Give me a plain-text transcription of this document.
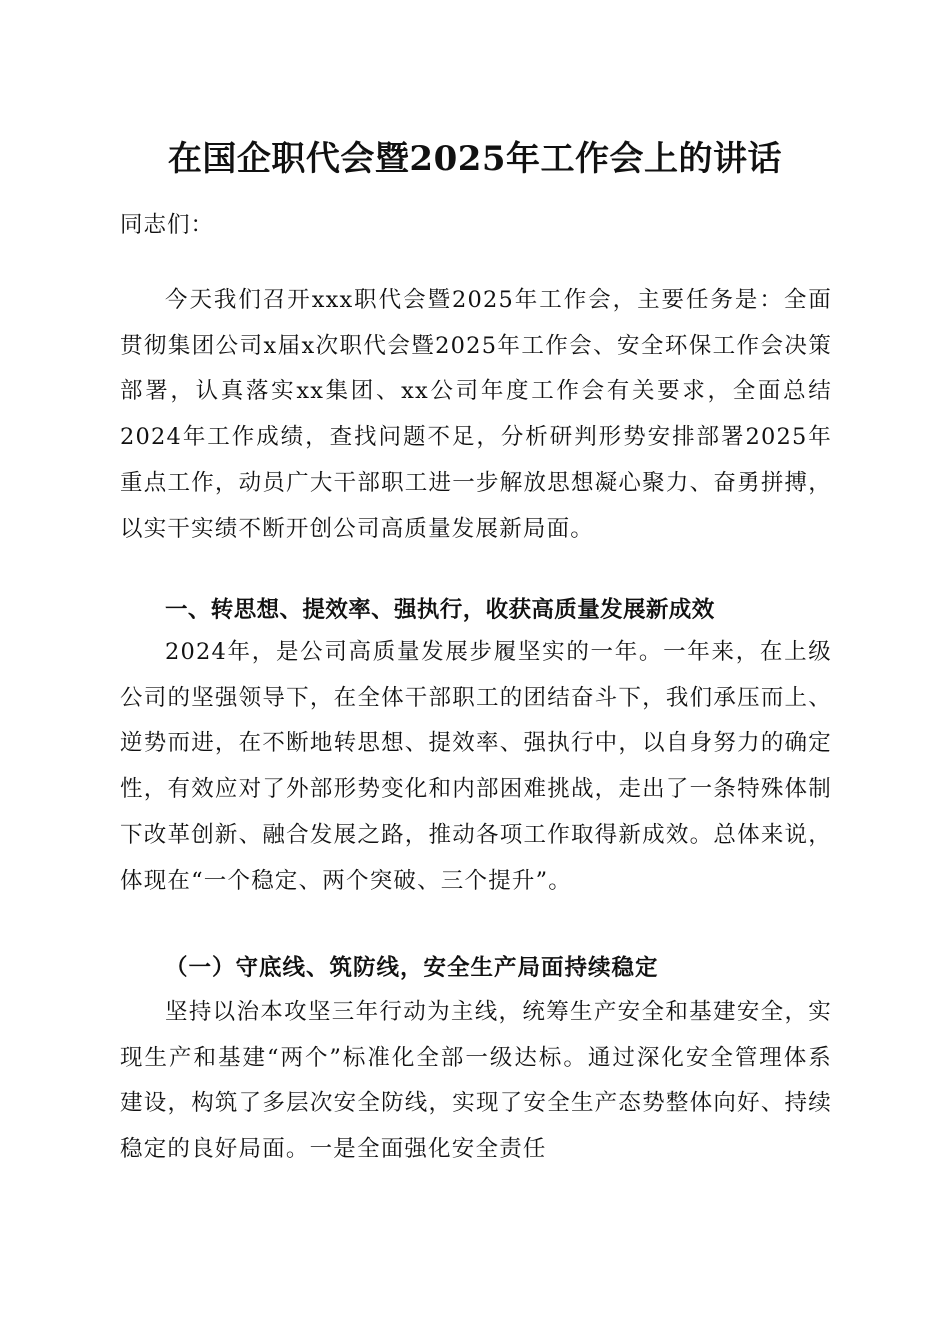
在国企职代会暨2025年工作会上的讲话
同志们：

今天我们召开xxx职代会暨2025年工作会，主要任务是：全面贯彻集团公司x届x次职代会暨2025年工作会、安全环保工作会决策部署，认真落实xx集团、xx公司年度工作会有关要求，全面总结2024年工作成绩，查找问题不足，分析研判形势安排部署2025年重点工作，动员广大干部职工进一步解放思想凝心聚力、奋勇拼搏，以实干实绩不断开创公司高质量发展新局面。

一、转思想、提效率、强执行，收获高质量发展新成效

2024年，是公司高质量发展步履坚实的一年。一年来，在上级公司的坚强领导下，在全体干部职工的团结奋斗下，我们承压而上、逆势而进，在不断地转思想、提效率、强执行中，以自身努力的确定性，有效应对了外部形势变化和内部困难挑战，走出了一条特殊体制下改革创新、融合发展之路，推动各项工作取得新成效。总体来说，体现在“一个稳定、两个突破、三个提升”。

（一）守底线、筑防线，安全生产局面持续稳定

坚持以治本攻坚三年行动为主线，统筹生产安全和基建安全，实现生产和基建“两个”标准化全部一级达标。通过深化安全管理体系建设，构筑了多层次安全防线，实现了安全生产态势整体向好、持续稳定的良好局面。一是全面强化安全责任
